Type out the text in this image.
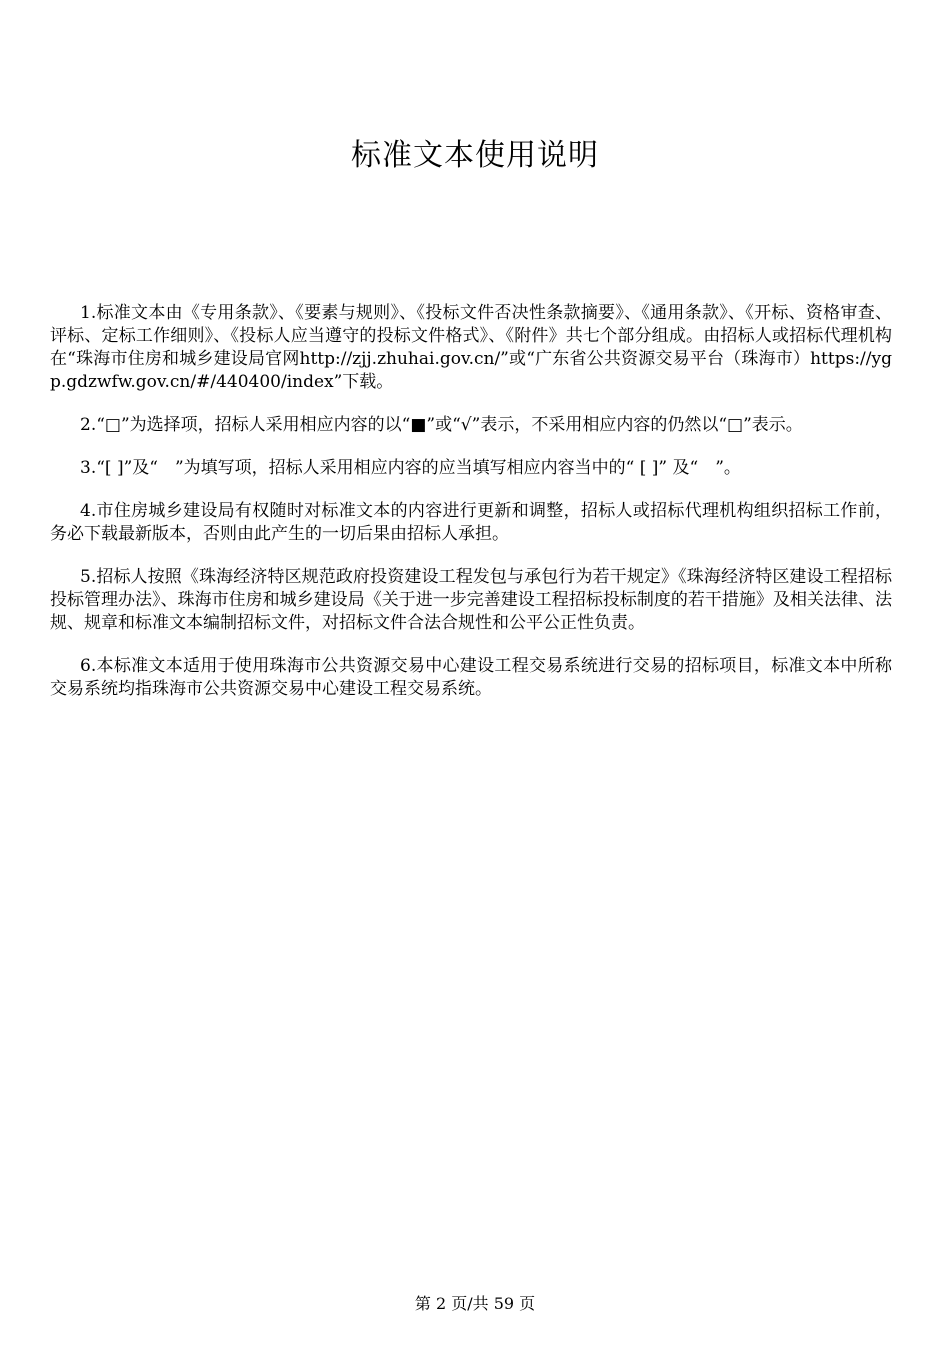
标准文本使用说明

1.标准文本由《专用条款》、《要素与规则》、《投标文件否决性条款摘要》、《通用条款》、《开标、资格审查、评标、定标工作细则》、《投标人应当遵守的投标文件格式》、《附件》共七个部分组成。由招标人或招标代理机构在“珠海市住房和城乡建设局官网http://zjj.zhuhai.gov.cn/”或“广东省公共资源交易平台（珠海市）https://ygp.gdzwfw.gov.cn/#/440400/index”下载。

2.“□”为选择项，招标人采用相应内容的以“■”或“√”表示，不采用相应内容的仍然以“□”表示。

3.“[ ]”及“　”为填写项，招标人采用相应内容的应当填写相应内容当中的“ [ ]” 及“　”。

4.市住房城乡建设局有权随时对标准文本的内容进行更新和调整，招标人或招标代理机构组织招标工作前，务必下载最新版本，否则由此产生的一切后果由招标人承担。

5.招标人按照《珠海经济特区规范政府投资建设工程发包与承包行为若干规定》《珠海经济特区建设工程招标投标管理办法》、珠海市住房和城乡建设局《关于进一步完善建设工程招标投标制度的若干措施》及相关法律、法规、规章和标准文本编制招标文件，对招标文件合法合规性和公平公正性负责。

6.本标准文本适用于使用珠海市公共资源交易中心建设工程交易系统进行交易的招标项目，标准文本中所称交易系统均指珠海市公共资源交易中心建设工程交易系统。

第 2 页/共 59 页
